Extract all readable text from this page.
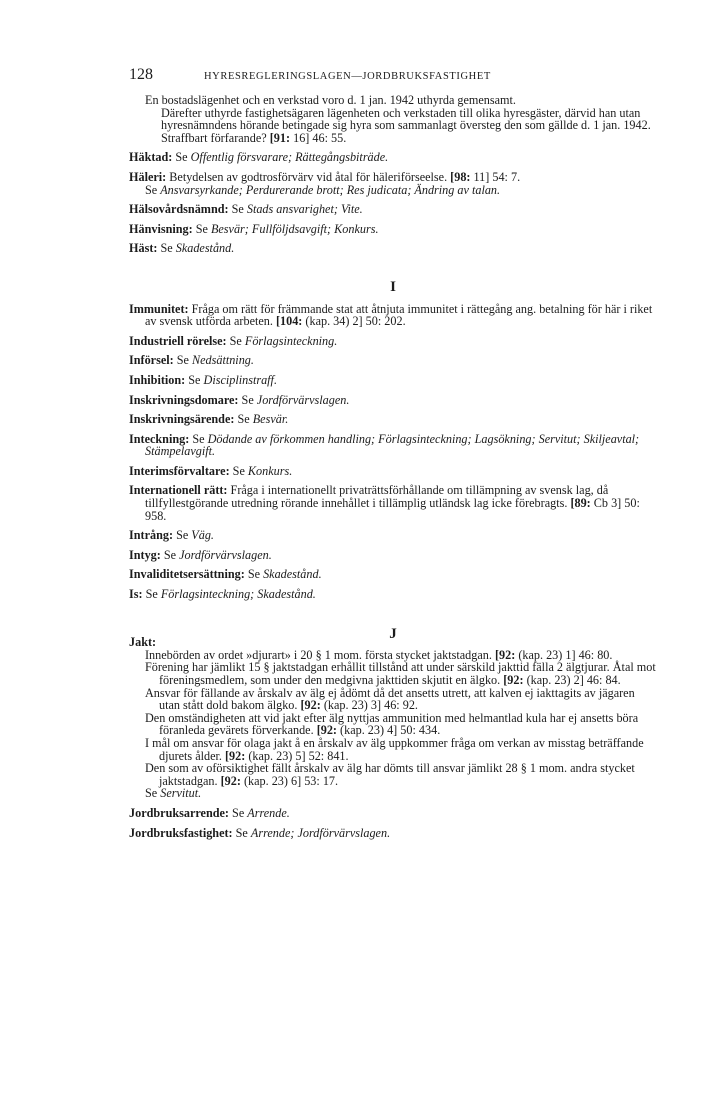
128	HYRESREGLERINGSLAGEN—JORDBRUKSFASTIGHET
En bostadslägenhet och en verkstad voro d. 1 jan. 1942 uthyrda gemensamt.
Därefter uthyrde fastighetsägaren lägenheten och verkstaden till olika hyresgäster, därvid han utan hyresnämndens hörande betingade sig hyra som sammanlagt översteg den som gällde d. 1 jan. 1942. Straffbart förfarande? [91: 16] 46: 55.
Häktad: Se Offentlig försvarare; Rättegångsbiträde.
Häleri: Betydelsen av godtrosförvärv vid åtal för häleriförseelse. [98: 11] 54: 7.
Se Ansvarsyrkande; Perdurerande brott; Res judicata; Ändring av talan.
Hälsovårdsnämnd: Se Stads ansvarighet; Vite.
Hänvisning: Se Besvär; Fullföljdsavgift; Konkurs.
Häst: Se Skadestånd.
I
Immunitet: Fråga om rätt för främmande stat att åtnjuta immunitet i rättegång ang. betalning för här i riket av svensk utförda arbeten. [104: (kap. 34) 2] 50: 202.
Industriell rörelse: Se Förlagsinteckning.
Införsel: Se Nedsättning.
Inhibition: Se Disciplinstraff.
Inskrivningsdomare: Se Jordförvärvslagen.
Inskrivningsärende: Se Besvär.
Inteckning: Se Dödande av förkommen handling; Förlagsinteckning; Lagsökning; Servitut; Skiljeavtal; Stämpelavgift.
Interimsförvaltare: Se Konkurs.
Internationell rätt: Fråga i internationellt privaträttsförhållande om tillämpning av svensk lag, då tillfyllestgörande utredning rörande innehållet i tillämplig utländsk lag icke förebragts. [89: Cb 3] 50: 958.
Intrång: Se Väg.
Intyg: Se Jordförvärvslagen.
Invaliditetsersättning: Se Skadestånd.
Is: Se Förlagsinteckning; Skadestånd.
J
Jakt:

Innebörden av ordet »djurart» i 20 § 1 mom. första stycket jaktstadgan. [92: (kap. 23) 1] 46: 80.

Förening har jämlikt 15 § jaktstadgan erhållit tillstånd att under särskild jakttid fälla 2 älgtjurar. Åtal mot föreningsmedlem, som under den medgivna jakttiden skjutit en älgko. [92: (kap. 23) 2] 46: 84.

Ansvar för fällande av årskalv av älg ej ådömt då det ansetts utrett, att kalven ej iakttagits av jägaren utan stått dold bakom älgko. [92: (kap. 23) 3] 46: 92.

Den omständigheten att vid jakt efter älg nyttjas ammunition med helmantlad kula har ej ansetts böra föranleda gevärets förverkande. [92: (kap. 23) 4] 50: 434.

I mål om ansvar för olaga jakt å en årskalv av älg uppkommer fråga om verkan av misstag beträffande djurets ålder. [92: (kap. 23) 5] 52: 841.

Den som av oförsiktighet fällt årskalv av älg har dömts till ansvar jämlikt 28 § 1 mom. andra stycket jaktstadgan. [92: (kap. 23) 6] 53: 17.

Se Servitut.

Jordbruksarrende: Se Arrende.
Jordbruksfastighet: Se Arrende; Jordförvärvslagen.
